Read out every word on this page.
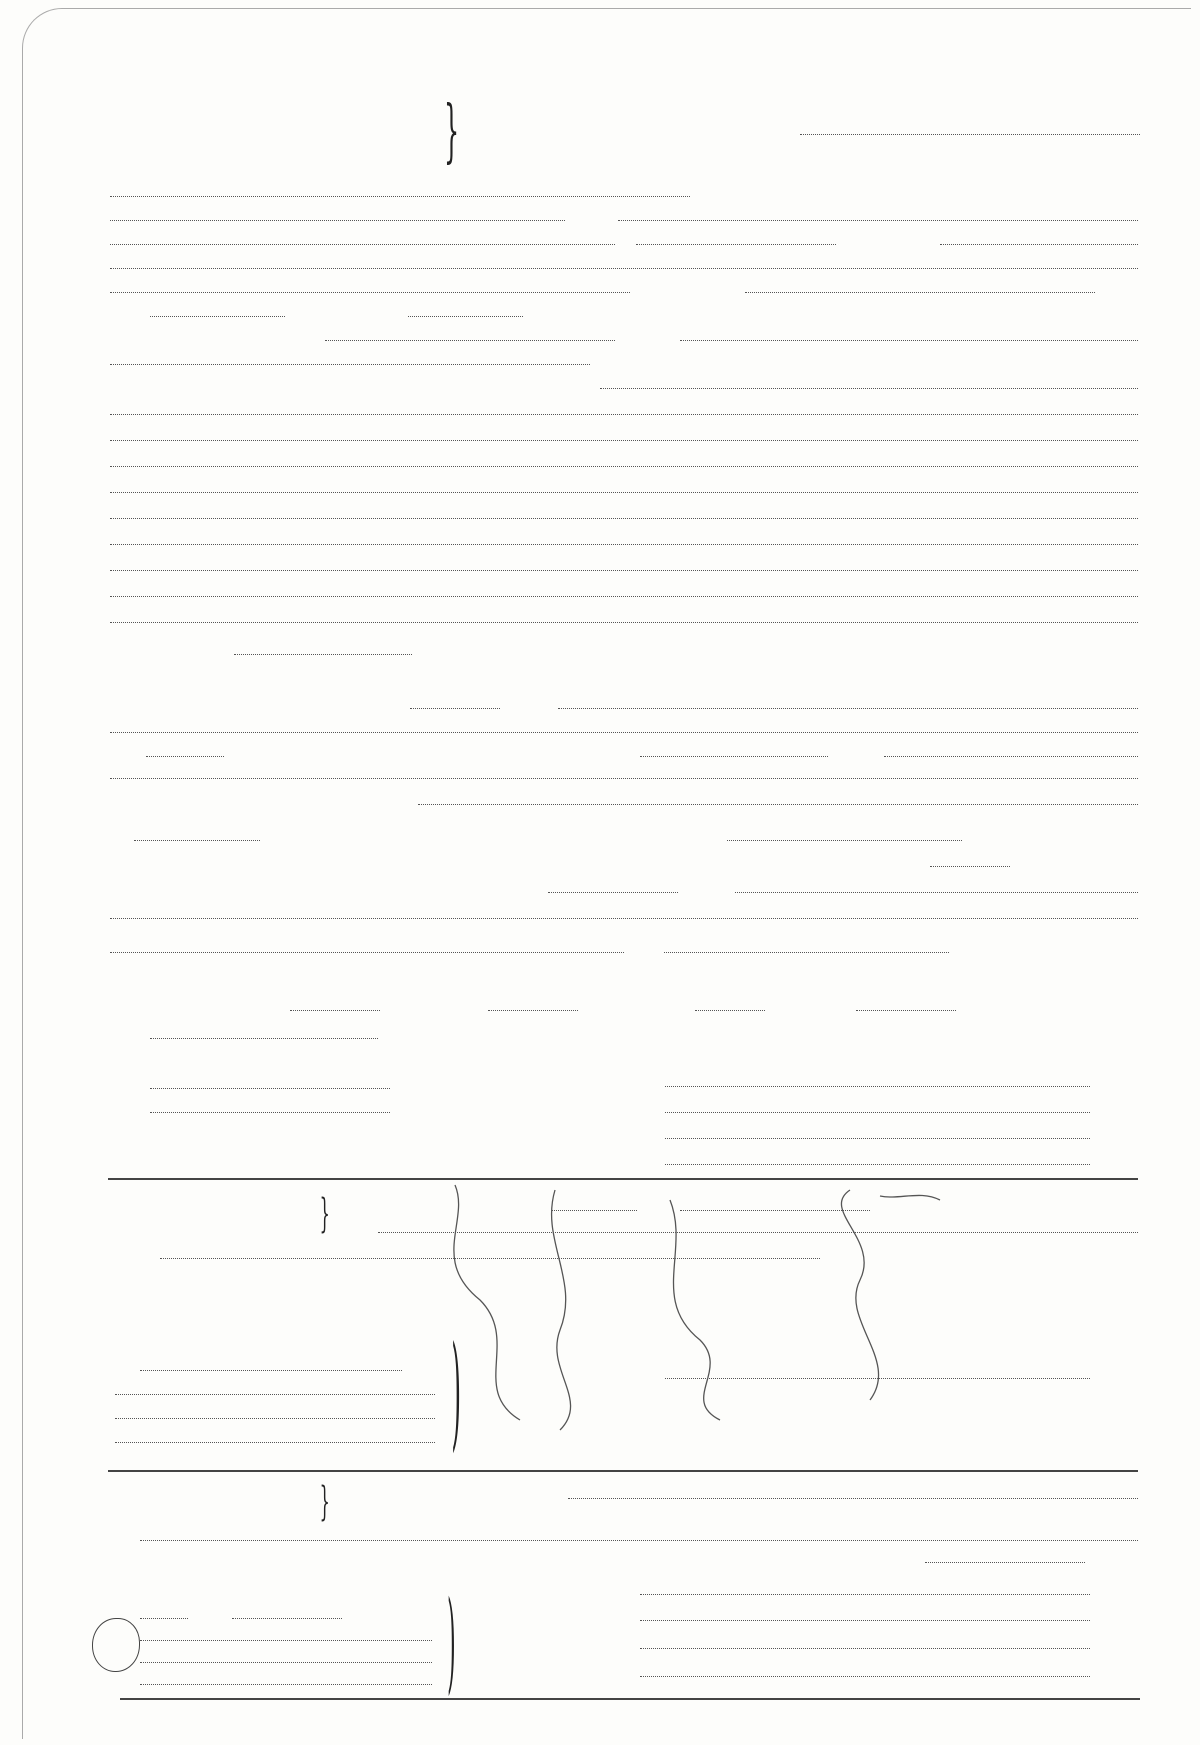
}
}
)
}
)
